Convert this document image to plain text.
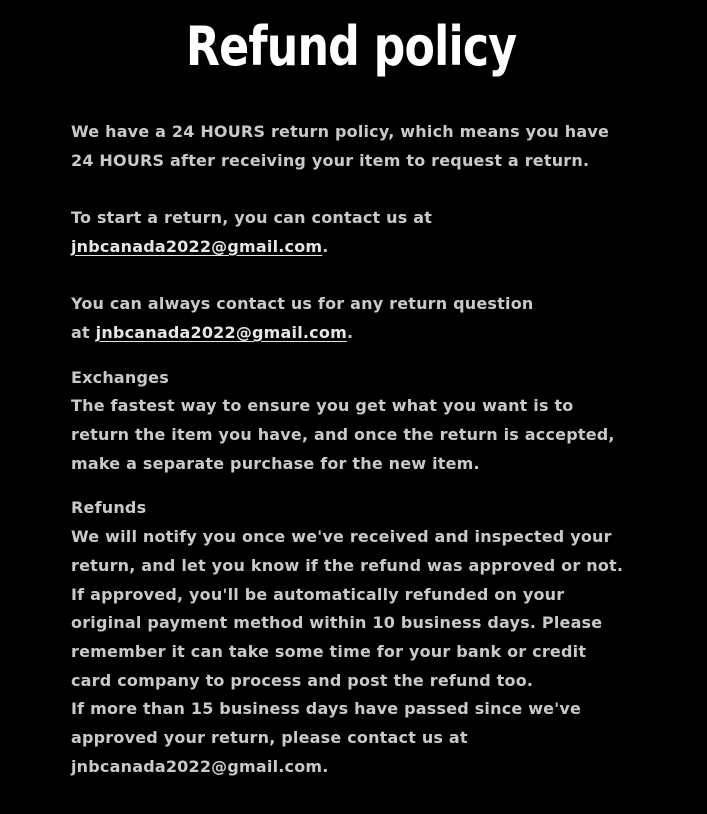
Refund policy

We have a 24 HOURS return policy, which means you have 24 HOURS after receiving your item to request a return.

To start a return, you can contact us at
jnbcanada2022@gmail.com.

You can always contact us for any return question
at jnbcanada2022@gmail.com.

Exchanges

The fastest way to ensure you get what you want is to return the item you have, and once the return is accepted, make a separate purchase for the new item.

Refunds

We will notify you once we've received and inspected your return, and let you know if the refund was approved or not. If approved, you'll be automatically refunded on your original payment method within 10 business days. Please remember it can take some time for your bank or credit card company to process and post the refund too.

If more than 15 business days have passed since we've approved your return, please contact us at jnbcanada2022@gmail.com.
